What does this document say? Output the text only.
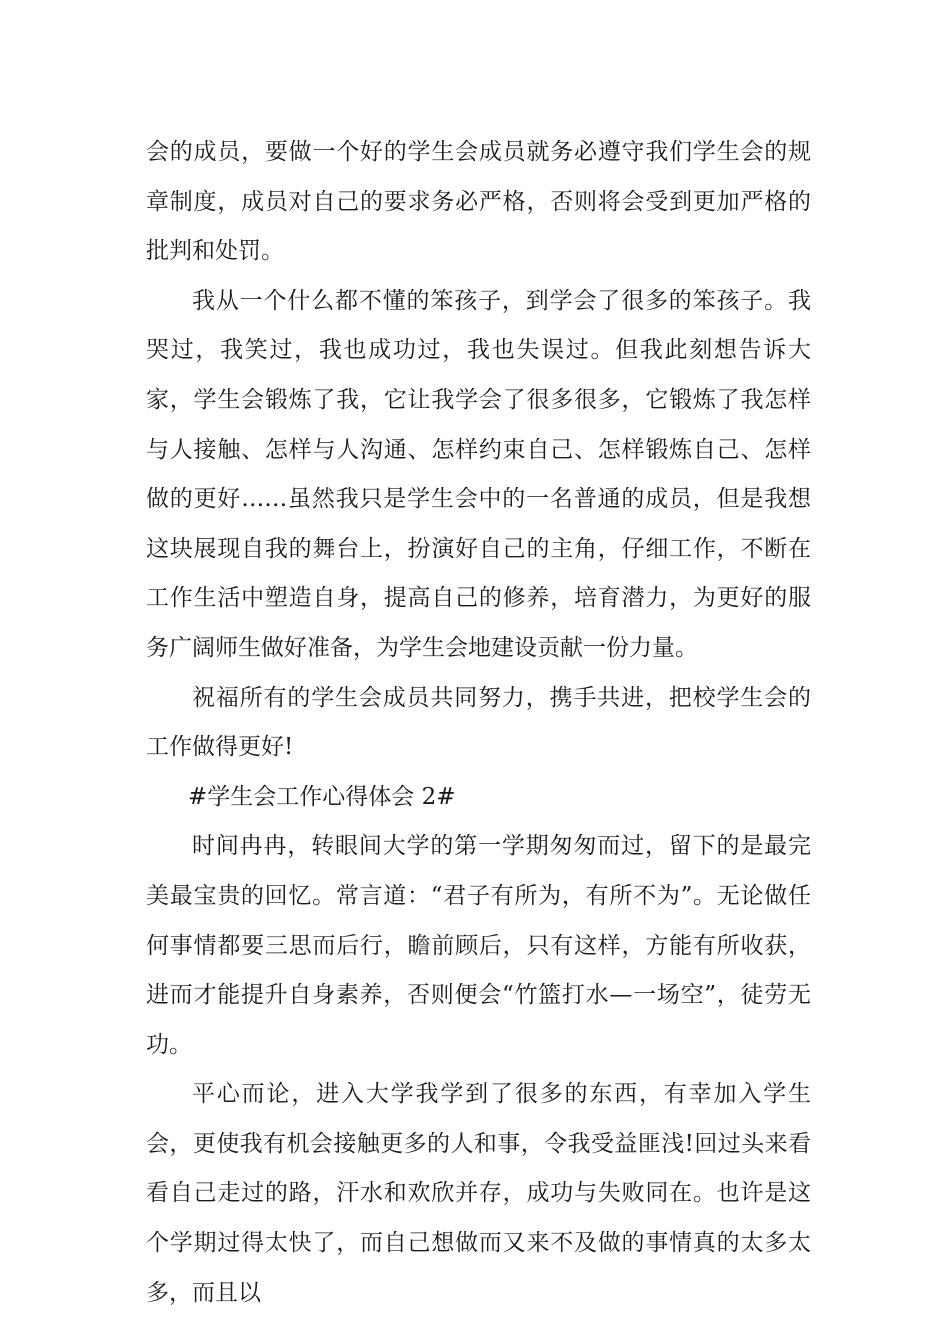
会的成员，要做一个好的学生会成员就务必遵守我们学生会的规章制度，成员对自己的要求务必严格，否则将会受到更加严格的批判和处罚。

我从一个什么都不懂的笨孩子，到学会了很多的笨孩子。我哭过，我笑过，我也成功过，我也失误过。但我此刻想告诉大家，学生会锻炼了我，它让我学会了很多很多，它锻炼了我怎样与人接触、怎样与人沟通、怎样约束自己、怎样锻炼自己、怎样做的更好……虽然我只是学生会中的一名普通的成员，但是我想这块展现自我的舞台上，扮演好自己的主角，仔细工作，不断在工作生活中塑造自身，提高自己的修养，培育潜力，为更好的服务广阔师生做好准备，为学生会地建设贡献一份力量。

祝福所有的学生会成员共同努力，携手共进，把校学生会的工作做得更好!

#学生会工作心得体会 2#

时间冉冉，转眼间大学的第一学期匆匆而过，留下的是最完美最宝贵的回忆。常言道：“君子有所为，有所不为”。无论做任何事情都要三思而后行，瞻前顾后，只有这样，方能有所收获，进而才能提升自身素养，否则便会“竹篮打水—一场空”，徒劳无功。

平心而论，进入大学我学到了很多的东西，有幸加入学生会，更使我有机会接触更多的人和事，令我受益匪浅!回过头来看看自己走过的路，汗水和欢欣并存，成功与失败同在。也许是这个学期过得太快了，而自己想做而又来不及做的事情真的太多太多，而且以
